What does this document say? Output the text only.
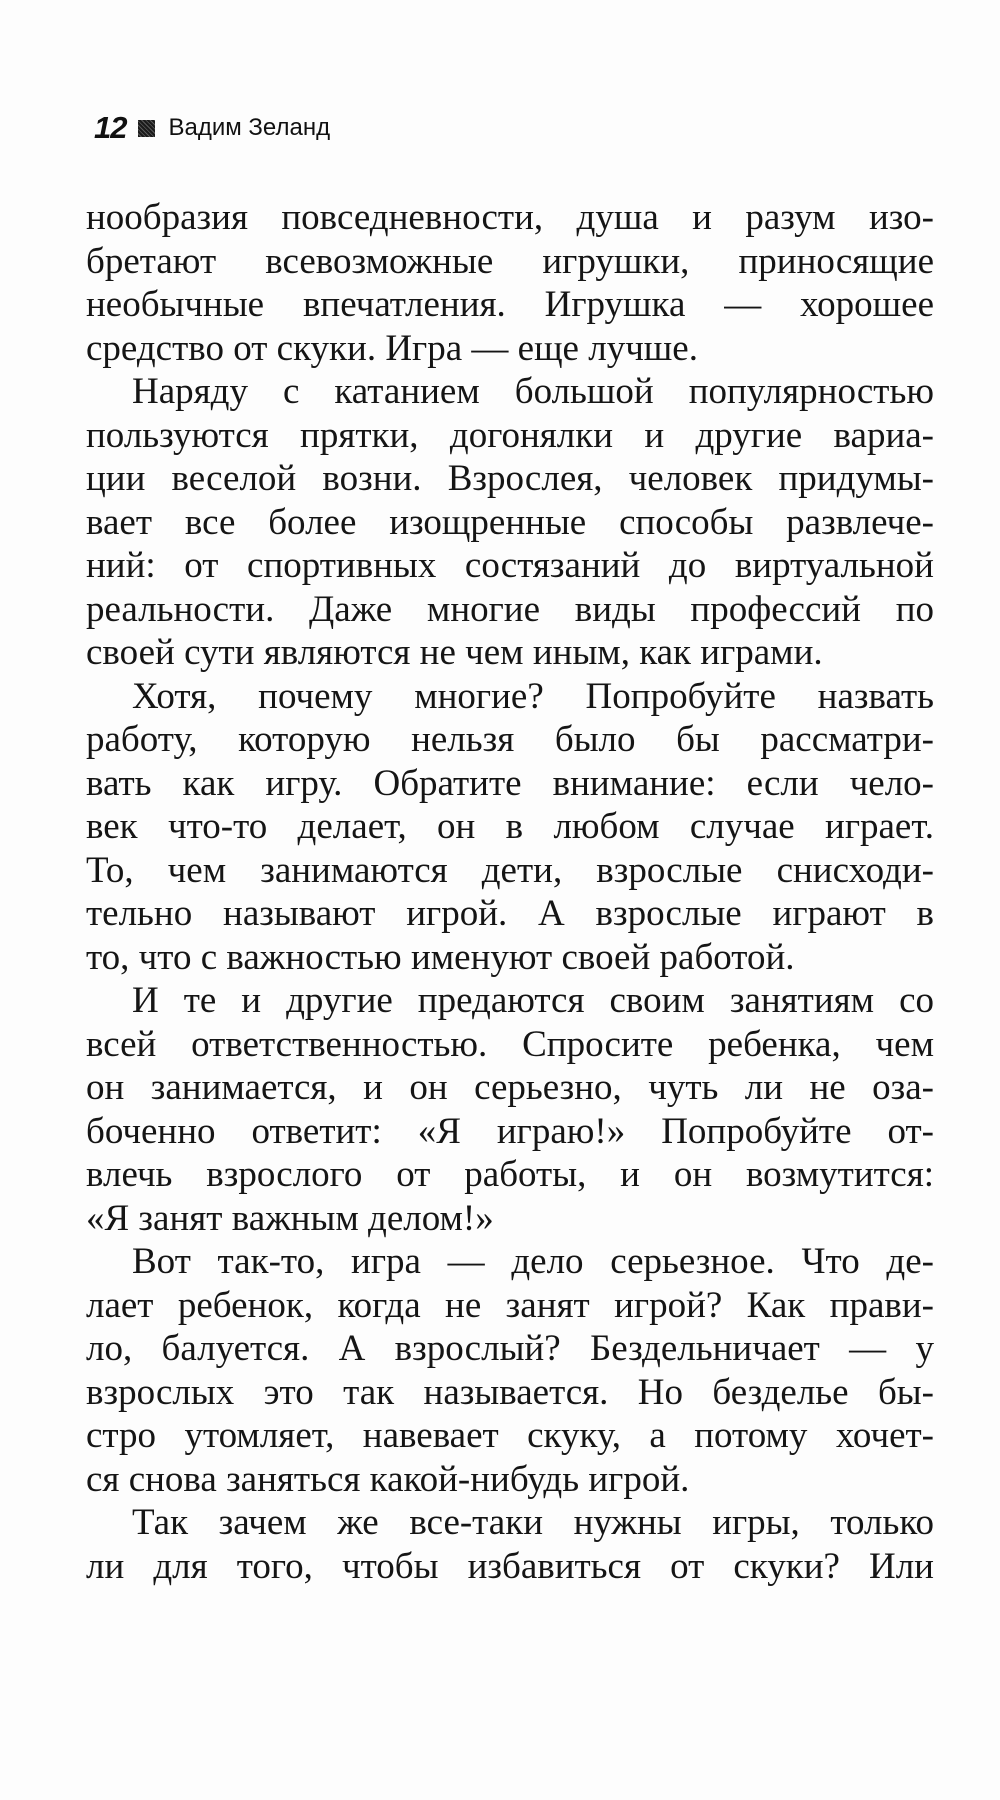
12 Вадим Зеланд

нообразия повседневности, душа и разум изо-
бретают всевозможные игрушки, приносящие
необычные впечатления. Игрушка — хорошее
средство от скуки. Игра — еще лучше.

Наряду с катанием большой популярностью
пользуются прятки, догонялки и другие вариа-
ции веселой возни. Взрослея, человек придумы-
вает все более изощренные способы развлече-
ний: от спортивных состязаний до виртуальной
реальности. Даже многие виды профессий по
своей сути являются не чем иным, как играми.

Хотя, почему многие? Попробуйте назвать
работу, которую нельзя было бы рассматри-
вать как игру. Обратите внимание: если чело-
век что-то делает, он в любом случае играет.
То, чем занимаются дети, взрослые снисходи-
тельно называют игрой. А взрослые играют в
то, что с важностью именуют своей работой.

И те и другие предаются своим занятиям со
всей ответственностью. Спросите ребенка, чем
он занимается, и он серьезно, чуть ли не оза-
боченно ответит: «Я играю!» Попробуйте от-
влечь взрослого от работы, и он возмутится:
«Я занят важным делом!»

Вот так-то, игра — дело серьезное. Что де-
лает ребенок, когда не занят игрой? Как прави-
ло, балуется. А взрослый? Бездельничает — у
взрослых это так называется. Но безделье бы-
стро утомляет, навевает скуку, а потому хочет-
ся снова заняться какой-нибудь игрой.

Так зачем же все-таки нужны игры, только
ли для того, чтобы избавиться от скуки? Или
